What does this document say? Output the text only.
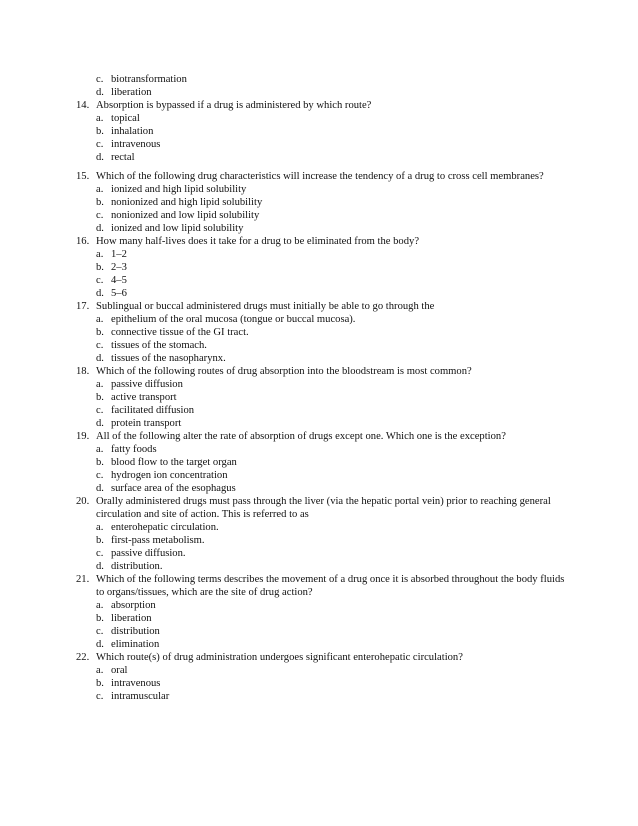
c. biotransformation
d. liberation
14. Absorption is bypassed if a drug is administered by which route?
a. topical
b. inhalation
c. intravenous
d. rectal
15. Which of the following drug characteristics will increase the tendency of a drug to cross cell membranes?
a. ionized and high lipid solubility
b. nonionized and high lipid solubility
c. nonionized and low lipid solubility
d. ionized and low lipid solubility
16. How many half-lives does it take for a drug to be eliminated from the body?
a. 1–2
b. 2–3
c. 4–5
d. 5–6
17. Sublingual or buccal administered drugs must initially be able to go through the
a. epithelium of the oral mucosa (tongue or buccal mucosa).
b. connective tissue of the GI tract.
c. tissues of the stomach.
d. tissues of the nasopharynx.
18. Which of the following routes of drug absorption into the bloodstream is most common?
a. passive diffusion
b. active transport
c. facilitated diffusion
d. protein transport
19. All of the following alter the rate of absorption of drugs except one. Which one is the exception?
a. fatty foods
b. blood flow to the target organ
c. hydrogen ion concentration
d. surface area of the esophagus
20. Orally administered drugs must pass through the liver (via the hepatic portal vein) prior to reaching general circulation and site of action. This is referred to as
a. enterohepatic circulation.
b. first-pass metabolism.
c. passive diffusion.
d. distribution.
21. Which of the following terms describes the movement of a drug once it is absorbed throughout the body fluids to organs/tissues, which are the site of drug action?
a. absorption
b. liberation
c. distribution
d. elimination
22. Which route(s) of drug administration undergoes significant enterohepatic circulation?
a. oral
b. intravenous
c. intramuscular
